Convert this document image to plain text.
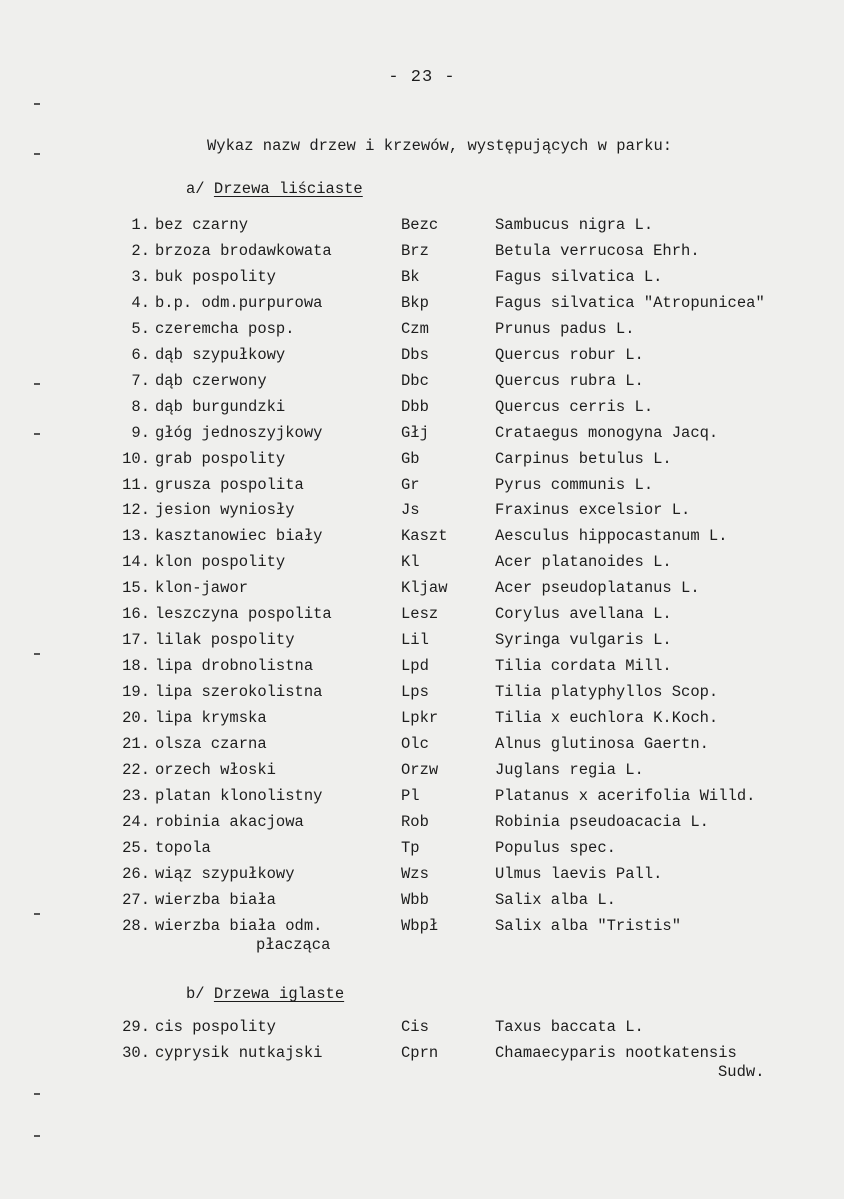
- 23 -
Wykaz nazw drzew i krzewów, występujących w parku:
a/ Drzewa liściaste
1. bez czarny	Bezc	Sambucus nigra L.
2. brzoza brodawkowata	Brz	Betula verrucosa Ehrh.
3. buk pospolity	Bk	Fagus silvatica L.
4. b.p. odm.purpurowa	Bkp	Fagus silvatica "Atropunicea"
5. czeremcha posp.	Czm	Prunus padus L.
6. dąb szypułkowy	Dbs	Quercus robur L.
7. dąb czerwony	Dbc	Quercus rubra L.
8. dąb burgundzki	Dbb	Quercus cerris L.
9. głóg jednoszyjkowy	Głj	Crataegus monogyna Jacq.
10. grab pospolity	Gb	Carpinus betulus L.
11. grusza pospolita	Gr	Pyrus communis L.
12. jesion wyniosły	Js	Fraxinus excelsior L.
13. kasztanowiec biały	Kaszt	Aesculus hippocastanum L.
14. klon pospolity	Kl	Acer platanoides L.
15. klon-jawor	Kljaw	Acer pseudoplatanus L.
16. leszczyna pospolita	Lesz	Corylus avellana L.
17. lilak pospolity	Lil	Syringa vulgaris L.
18. lipa drobnolistna	Lpd	Tilia cordata Mill.
19. lipa szerokolistna	Lps	Tilia platyphyllos Scop.
20. lipa krymska	Lpkr	Tilia x euchlora K.Koch.
21. olsza czarna	Olc	Alnus glutinosa Gaertn.
22. orzech włoski	Orzw	Juglans regia L.
23. platan klonolistny	Pl	Platanus x acerifolia Willd.
24. robinia akacjowa	Rob	Robinia pseudoacacia L.
25. topola	Tp	Populus spec.
26. wiąz szypułkowy	Wzs	Ulmus laevis Pall.
27. wierzba biała	Wbb	Salix alba L.
28. wierzba biała odm.	Wbpł	Salix alba "Tristis"
płacząca
b/ Drzewa iglaste
29. cis pospolity	Cis	Taxus baccata L.
30. cyprysik nutkajski	Cprn	Chamaecyparis nootkatensis
Sudw.
